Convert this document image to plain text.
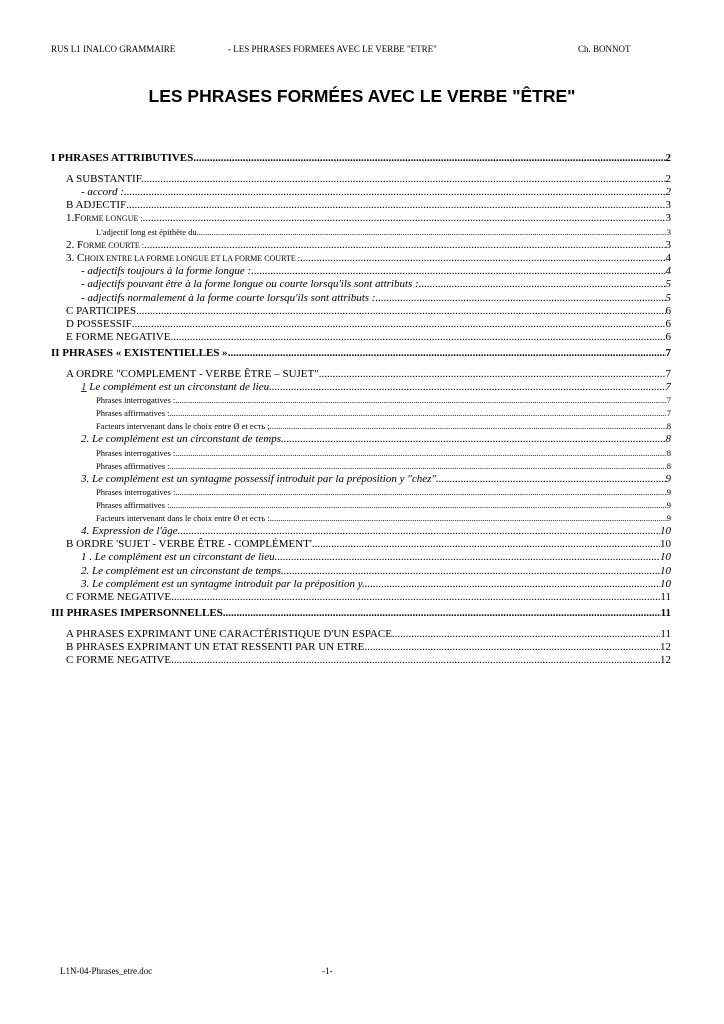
RUS L1 INALCO GRAMMAIRE	- LES PHRASES FORMEES AVEC LE VERBE "ETRE"	Ch. BONNOT
LES PHRASES FORMÉES AVEC LE VERBE "ÊTRE"
I PHRASES ATTRIBUTIVES .....	2
A SUBSTANTIF. .....	2
- accord : .....	2
B ADJECTIF .....	3
1.FORME LONGUE : .....	3
L'adjectif long est épithète du .....	3
2. FORME COURTE : .....	3
3. CHOIX ENTRE LA FORME LONGUE ET LA FORME COURTE : .....	4
- adjectifs toujours à la forme longue : .....	4
- adjectifs pouvant être à la forme longue ou courte lorsqu'ils sont attributs : .....	5
- adjectifs normalement à la forme courte lorsqu'ils sont attributs : .....	5
C PARTICIPES .....	6
D POSSESSIF .....	6
E FORME NEGATIVE .....	6
II PHRASES « EXISTENTIELLES » .....	7
A ORDRE "COMPLEMENT - VERBE ÊTRE – SUJET" .....	7
1 Le complément est un circonstant de lieu. .....	7
Phrases interrogatives : .....	7
Phrases affirmatives : .....	7
Facteurs intervenant dans le choix entre Ø et есть ; .....	8
2. Le complément est un circonstant de temps. .....	8
Phrases interrogatives : .....	8
Phrases affirmatives : .....	8
3. Le complément est un syntagme possessif introduit par la préposition y "chez". .....	9
Phrases interrogatives : .....	9
Phrases affirmatives : .....	9
Facteurs intervenant dans le choix entre Ø et есть : .....	9
4. Expression de l'âge. .....	10
B ORDRE 'SUJET - VERBE ÊTRE - COMPLÉMENT' .....	10
1 . Le complément est un circonstant de lieu. .....	10
2. Le complément est un circonstant de temps. .....	10
3. Le complément est un syntagme introduit par la préposition y. .....	10
C FORME NEGATIVE .....	11
III PHRASES IMPERSONNELLES .....	11
A PHRASES EXPRIMANT UNE CARACTÉRISTIQUE D'UN ESPACE .....	11
B PHRASES EXPRIMANT UN ETAT RESSENTI PAR UN ETRE .....	12
C FORME NEGATIVE .....	12
L1N-04-Phrases_etre.doc	-1-
